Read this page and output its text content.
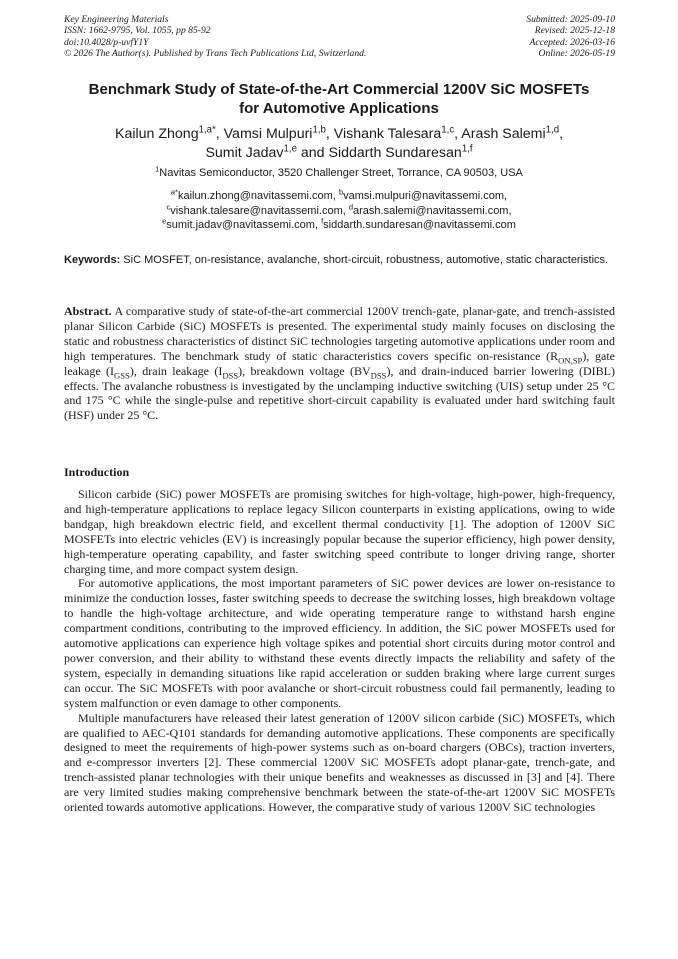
Key Engineering Materials
ISSN: 1662-9795, Vol. 1055, pp 85-92
doi:10.4028/p-uvfY1Y
© 2026 The Author(s). Published by Trans Tech Publications Ltd, Switzerland.
Submitted: 2025-09-10
Revised: 2025-12-18
Accepted: 2026-03-16
Online: 2026-05-19
Benchmark Study of State-of-the-Art Commercial 1200V SiC MOSFETs
for Automotive Applications
Kailun Zhong$^{1,a*}$, Vamsi Mulpuri$^{1,b}$, Vishank Talesara$^{1,c}$, Arash Salemi$^{1,d}$,
Sumit Jadav$^{1,e}$ and Siddarth Sundaresan$^{1,f}$
$^1$Navitas Semiconductor, 3520 Challenger Street, Torrance, CA 90503, USA
$^{a*}$kailun.zhong@navitassemi.com, $^b$vamsi.mulpuri@navitassemi.com,
$^c$vishank.talesare@navitassemi.com, $^d$arash.salemi@navitassemi.com,
$^e$sumit.jadav@navitassemi.com, $^f$siddarth.sundaresan@navitassemi.com
Keywords: SiC MOSFET, on-resistance, avalanche, short-circuit, robustness, automotive, static characteristics.
Abstract. A comparative study of state-of-the-art commercial 1200V trench-gate, planar-gate, and trench-assisted planar Silicon Carbide (SiC) MOSFETs is presented. The experimental study mainly focuses on disclosing the static and robustness characteristics of distinct SiC technologies targeting automotive applications under room and high temperatures. The benchmark study of static characteristics covers specific on-resistance $(R_{ON,SP})$, gate leakage $(I_{GSS})$, drain leakage $(I_{DSS})$, breakdown voltage $(BV_{DSS})$, and drain-induced barrier lowering (DIBL) effects. The avalanche robustness is investigated by the unclamping inductive switching (UIS) setup under 25 °C and 175 °C while the single-pulse and repetitive short-circuit capability is evaluated under hard switching fault (HSF) under 25 °C.
Introduction

Silicon carbide (SiC) power MOSFETs are promising switches for high-voltage, high-power, high-frequency, and high-temperature applications to replace legacy Silicon counterparts in existing applications, owing to wide bandgap, high breakdown electric field, and excellent thermal conductivity [1]. The adoption of 1200V SiC MOSFETs into electric vehicles (EV) is increasingly popular because the superior efficiency, high power density, high-temperature operating capability, and faster switching speed contribute to longer driving range, shorter charging time, and more compact system design.

For automotive applications, the most important parameters of SiC power devices are lower on-resistance to minimize the conduction losses, faster switching speeds to decrease the switching losses, high breakdown voltage to handle the high-voltage architecture, and wide operating temperature range to withstand harsh engine compartment conditions, contributing to the improved efficiency. In addition, the SiC power MOSFETs used for automotive applications can experience high voltage spikes and potential short circuits during motor control and power conversion, and their ability to withstand these events directly impacts the reliability and safety of the system, especially in demanding situations like rapid acceleration or sudden braking where large current surges can occur. The SiC MOSFETs with poor avalanche or short-circuit robustness could fail permanently, leading to system malfunction or even damage to other components.

Multiple manufacturers have released their latest generation of 1200V silicon carbide (SiC) MOSFETs, which are qualified to AEC-Q101 standards for demanding automotive applications. These components are specifically designed to meet the requirements of high-power systems such as on-board chargers (OBCs), traction inverters, and e-compressor inverters [2]. These commercial 1200V SiC MOSFETs adopt planar-gate, trench-gate, and trench-assisted planar technologies with their unique benefits and weaknesses as discussed in [3] and [4]. There are very limited studies making comprehensive benchmark between the state-of-the-art 1200V SiC MOSFETs oriented towards automotive applications. However, the comparative study of various 1200V SiC technologies
